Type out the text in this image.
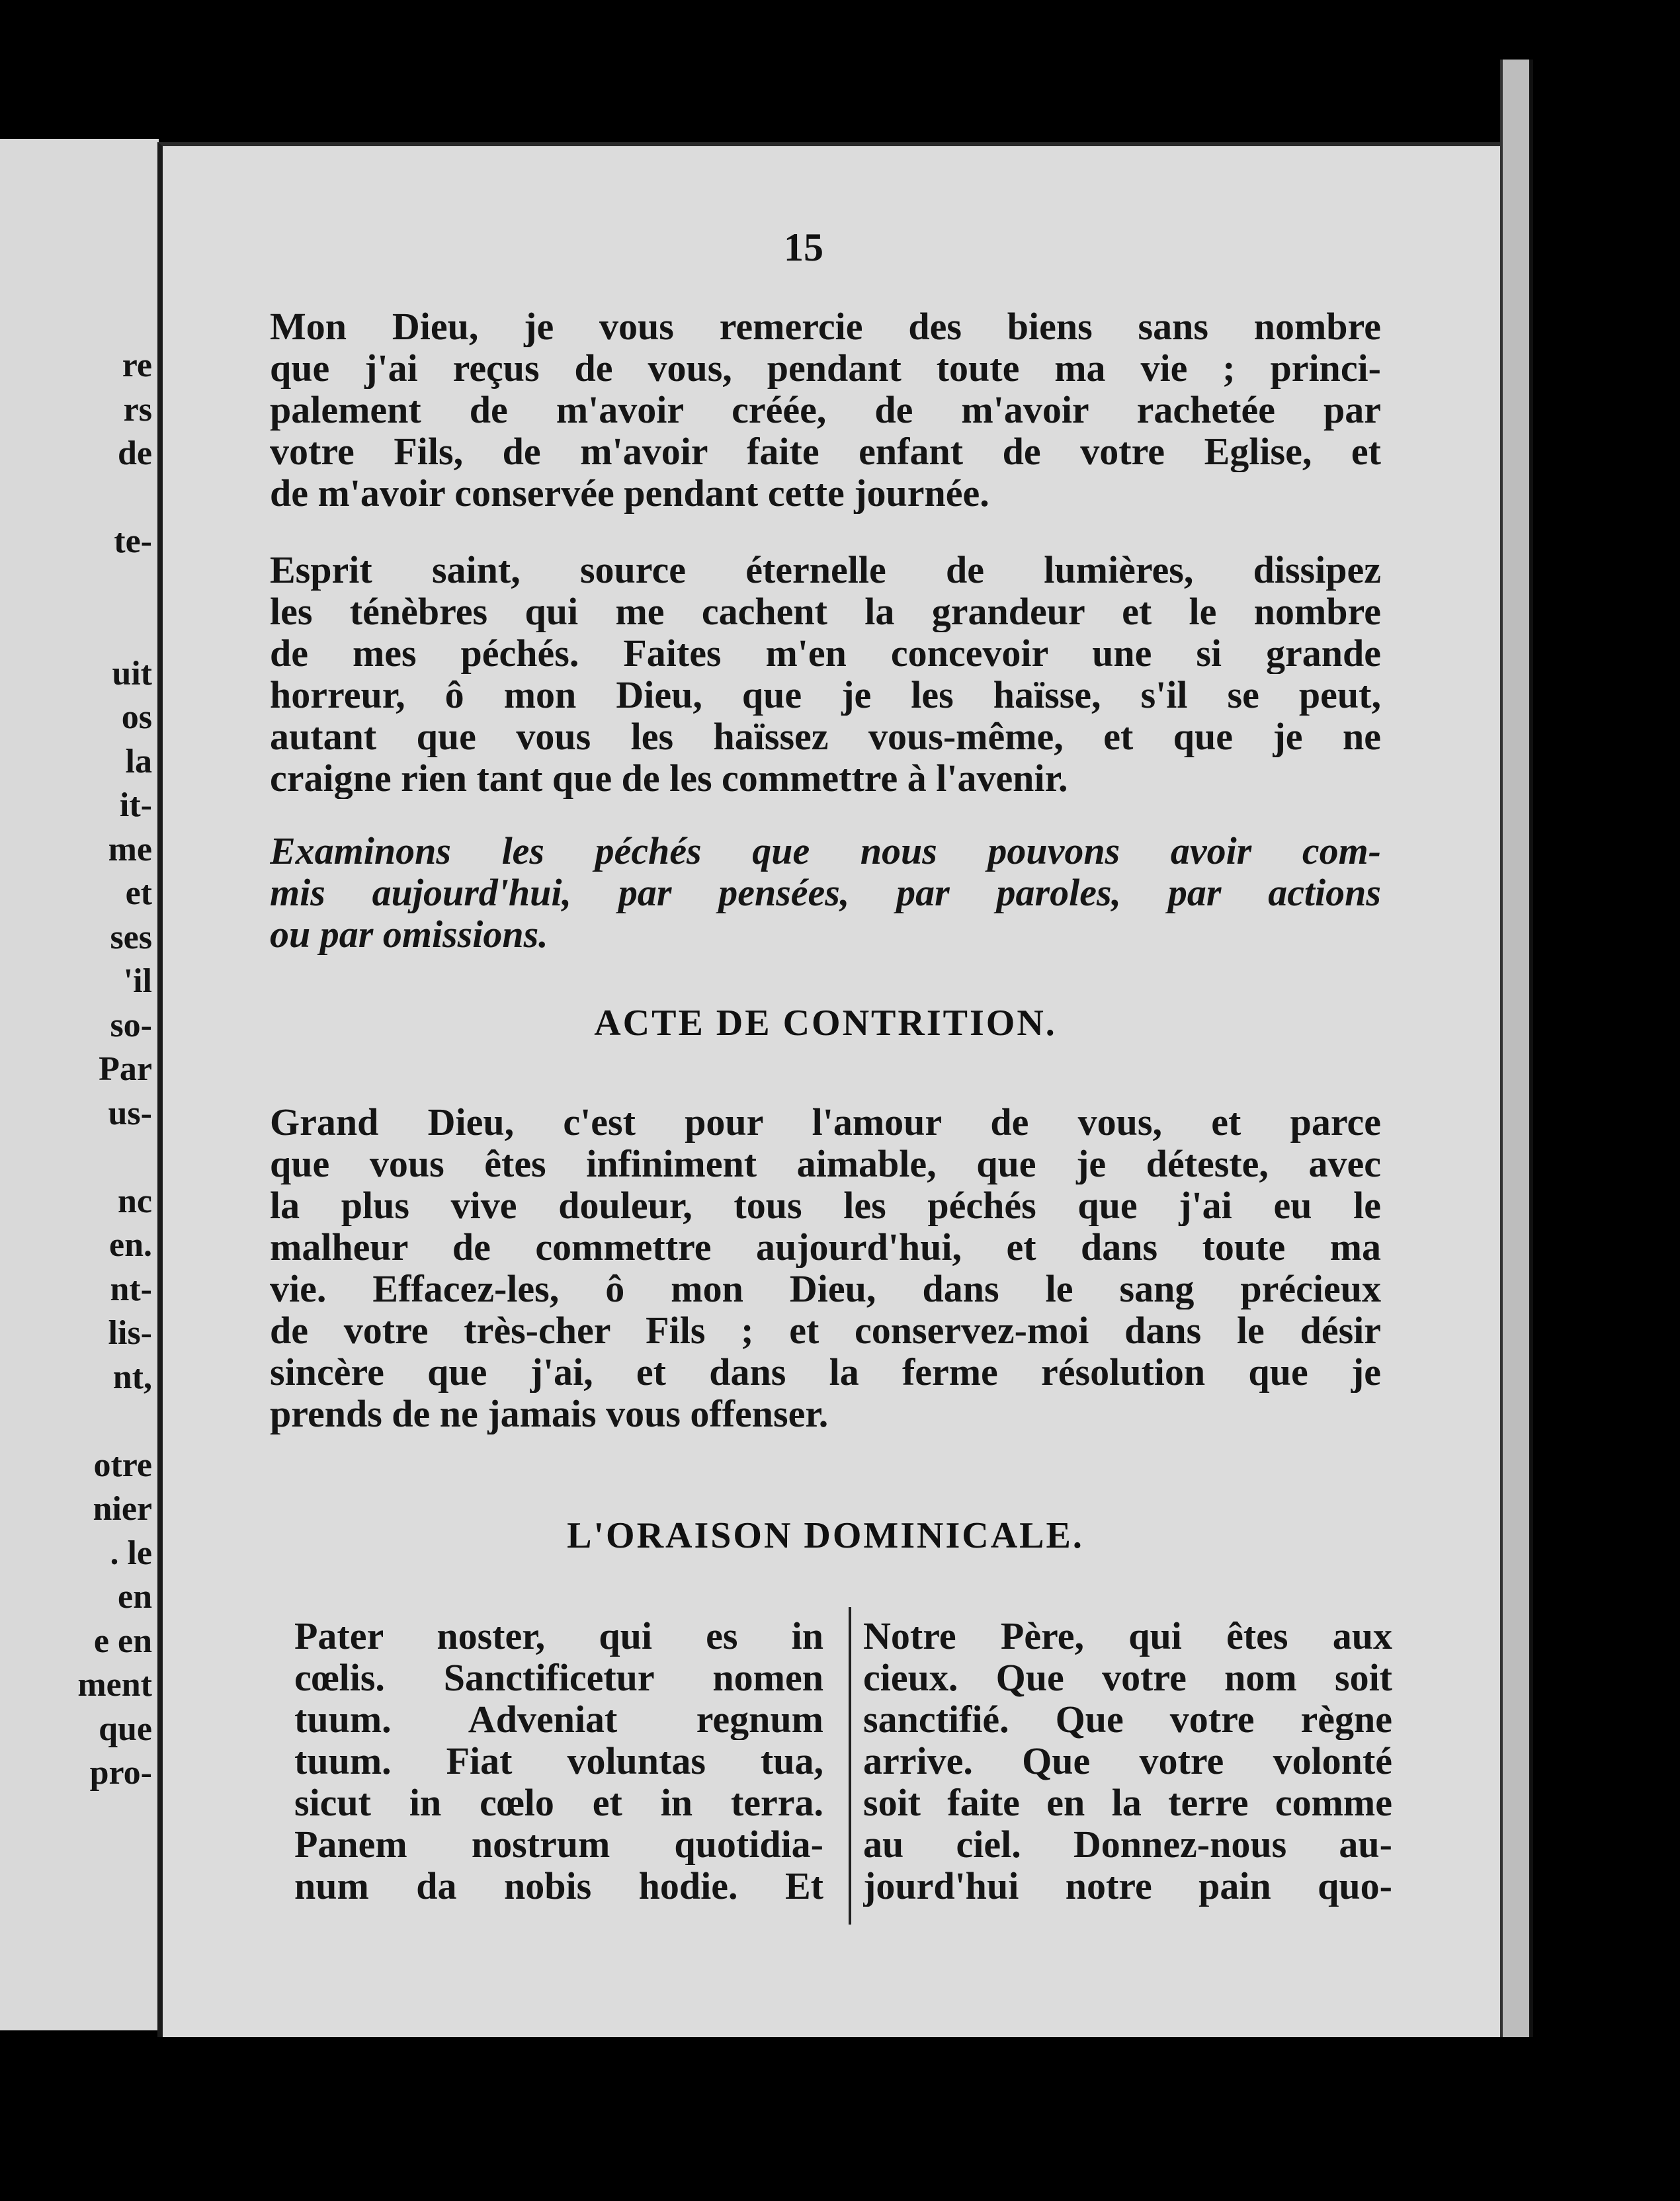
re
rs
de
te-
uit
os
la
it-
me
et
ses
'il
so-
Par
us-
nc
en.
nt-
lis-
nt,
otre
nier
. le
en
e en
ment
que
pro-
15
Mon Dieu, je vous remercie des biens sans nombre
que j'ai reçus de vous, pendant toute ma vie ; princi-
palement de m'avoir créée, de m'avoir rachetée par
votre Fils, de m'avoir faite enfant de votre Eglise, et
de m'avoir conservée pendant cette journée.
Esprit saint, source éternelle de lumières, dissipez
les ténèbres qui me cachent la grandeur et le nombre
de mes péchés. Faites m'en concevoir une si grande
horreur, ô mon Dieu, que je les haïsse, s'il se peut,
autant que vous les haïssez vous-même, et que je ne
craigne rien tant que de les commettre à l'avenir.
Examinons les péchés que nous pouvons avoir com-
mis aujourd'hui, par pensées, par paroles, par actions
ou par omissions.
ACTE DE CONTRITION.
Grand Dieu, c'est pour l'amour de vous, et parce
que vous êtes infiniment aimable, que je déteste, avec
la plus vive douleur, tous les péchés que j'ai eu le
malheur de commettre aujourd'hui, et dans toute ma
vie. Effacez-les, ô mon Dieu, dans le sang précieux
de votre très-cher Fils ; et conservez-moi dans le désir
sincère que j'ai, et dans la ferme résolution que je
prends de ne jamais vous offenser.
L'ORAISON DOMINICALE.
Pater noster, qui es in
cœlis. Sanctificetur nomen
tuum. Adveniat regnum
tuum. Fiat voluntas tua,
sicut in cœlo et in terra.
Panem nostrum quotidia-
num da nobis hodie. Et
Notre Père, qui êtes aux
cieux. Que votre nom soit
sanctifié. Que votre règne
arrive. Que votre volonté
soit faite en la terre comme
au ciel. Donnez-nous au-
jourd'hui notre pain quo-
